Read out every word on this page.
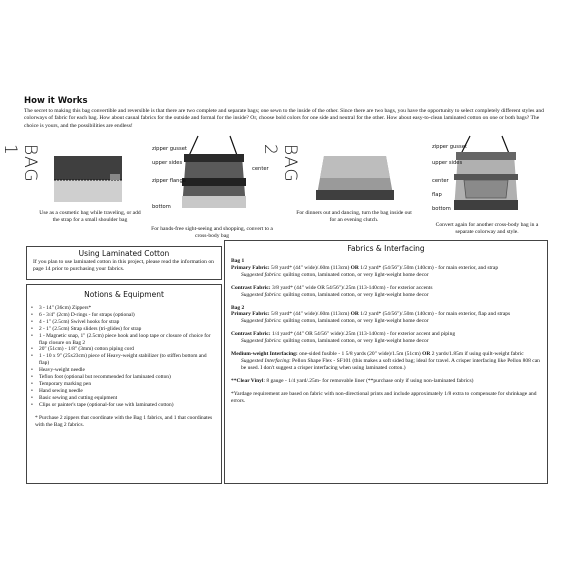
How it Works
The secret to making this bag convertible and reversible is that there are two complete and separate bags; one sewn to the inside of the other. Since there are two bags, you have the opportunity to select completely different styles and colorways of fabric for each bag. How about casual fabrics for the outside and formal for the inside? Or, choose bold colors for one side and neutral for the other. How about easy-to-clean laminated cotton on one or both bags? The choice is yours, and the possibilities are endless!
BAG 1
Use as a cosmetic bag while traveling, or add the strap for a small shoulder bag
zipper gusset
upper sides
zipper flange
bottom
center
For hands-free sight-seeing and shopping, convert to a cross-body bag
BAG 2
For dinners out and dancing, turn the bag inside out for an evening clutch.
zipper gusset
upper sides
center
flap
bottom
Convert again for another cross-body bag in a separate colorway and style.
Using Laminated Cotton
If you plan to use laminated cotton in this project, please read the information on page 14 prior to purchasing your fabrics.
Notions & Equipment
• 3 - 14" (36cm) Zippers*
• 6 - 3/4" (2cm) D-rings - for straps (optional)
• 4 - 1" (2.5cm) Swivel hooks for strap
• 2 - 1" (2.5cm) Strap sliders (tri-glides) for strap
• 1 - Magnetic snap, 1" (2.5cm) piece hook and loop tape or closure of choice for flap closure on Bag 2
• 20" (51cm) - 1/8" (3mm) cotton piping cord
• 1 - 10 x 9" (25x23cm) piece of Heavy-weight stabilizer (to stiffen bottom and flap)
• Heavy-weight needle
• Teflon foot (optional but recommended for laminated cotton)
• Temporary marking pen
• Hand sewing needle
• Basic sewing and cutting equipment
• Clips or painter's tape (optional-for use with laminated cotton)
* Purchase 2 zippers that coordinate with the Bag 1 fabrics, and 1 that coordinates with the Bag 2 fabrics.
Fabrics & Interfacing
Bag 1
Primary Fabric: 5/8 yard* (44" wide)/.60m (113cm) OR 1/2 yard* (54/56")/.50m (140cm) - for main exterior, and strap
Suggested fabrics: quilting cotton, laminated cotton, or very light-weight home decor
Contrast Fabric: 3/8 yard* (44" wide OR 54/56")/.25m (113-140cm) - for exterior accents
Suggested fabrics: quilting cotton, laminated cotton, or very light-weight home decor
Bag 2
Primary Fabric: 5/8 yard* (44" wide)/.60m (113cm) OR 1/2 yard* (54/56")/.50m (140cm) - for main exterior, flap and straps
Suggested fabrics: quilting cotton, laminated cotton, or very light-weight home decor
Contrast Fabric: 1/4 yard* (44" OR 54/56" wide)/.25m (113-140cm) - for exterior accent and piping
Suggested fabrics: quilting cotton, laminated cotton, or very light-weight home decor
Medium-weight Interfacing: one-sided fusible - 1 5/8 yards (20" wide)/1.5m (51cm) OR 2 yards/1.85m if using quilt-weight fabric
Suggested Interfacing: Pellon Shape Flex - SF101 (this makes a soft sided bag; ideal for travel. A crisper interfacing like Pellon 808 can be used. I don't suggest a crisper interfacing when using laminated cotton.)
**Clear Vinyl: 8 gauge - 1/4 yard/.25m- for removable liner (**purchase only if using non-laminated fabrics)
*Yardage requirement are based on fabric with non-directional prints and include approximately 1/8 extra to compensate for shrinkage and errors.
